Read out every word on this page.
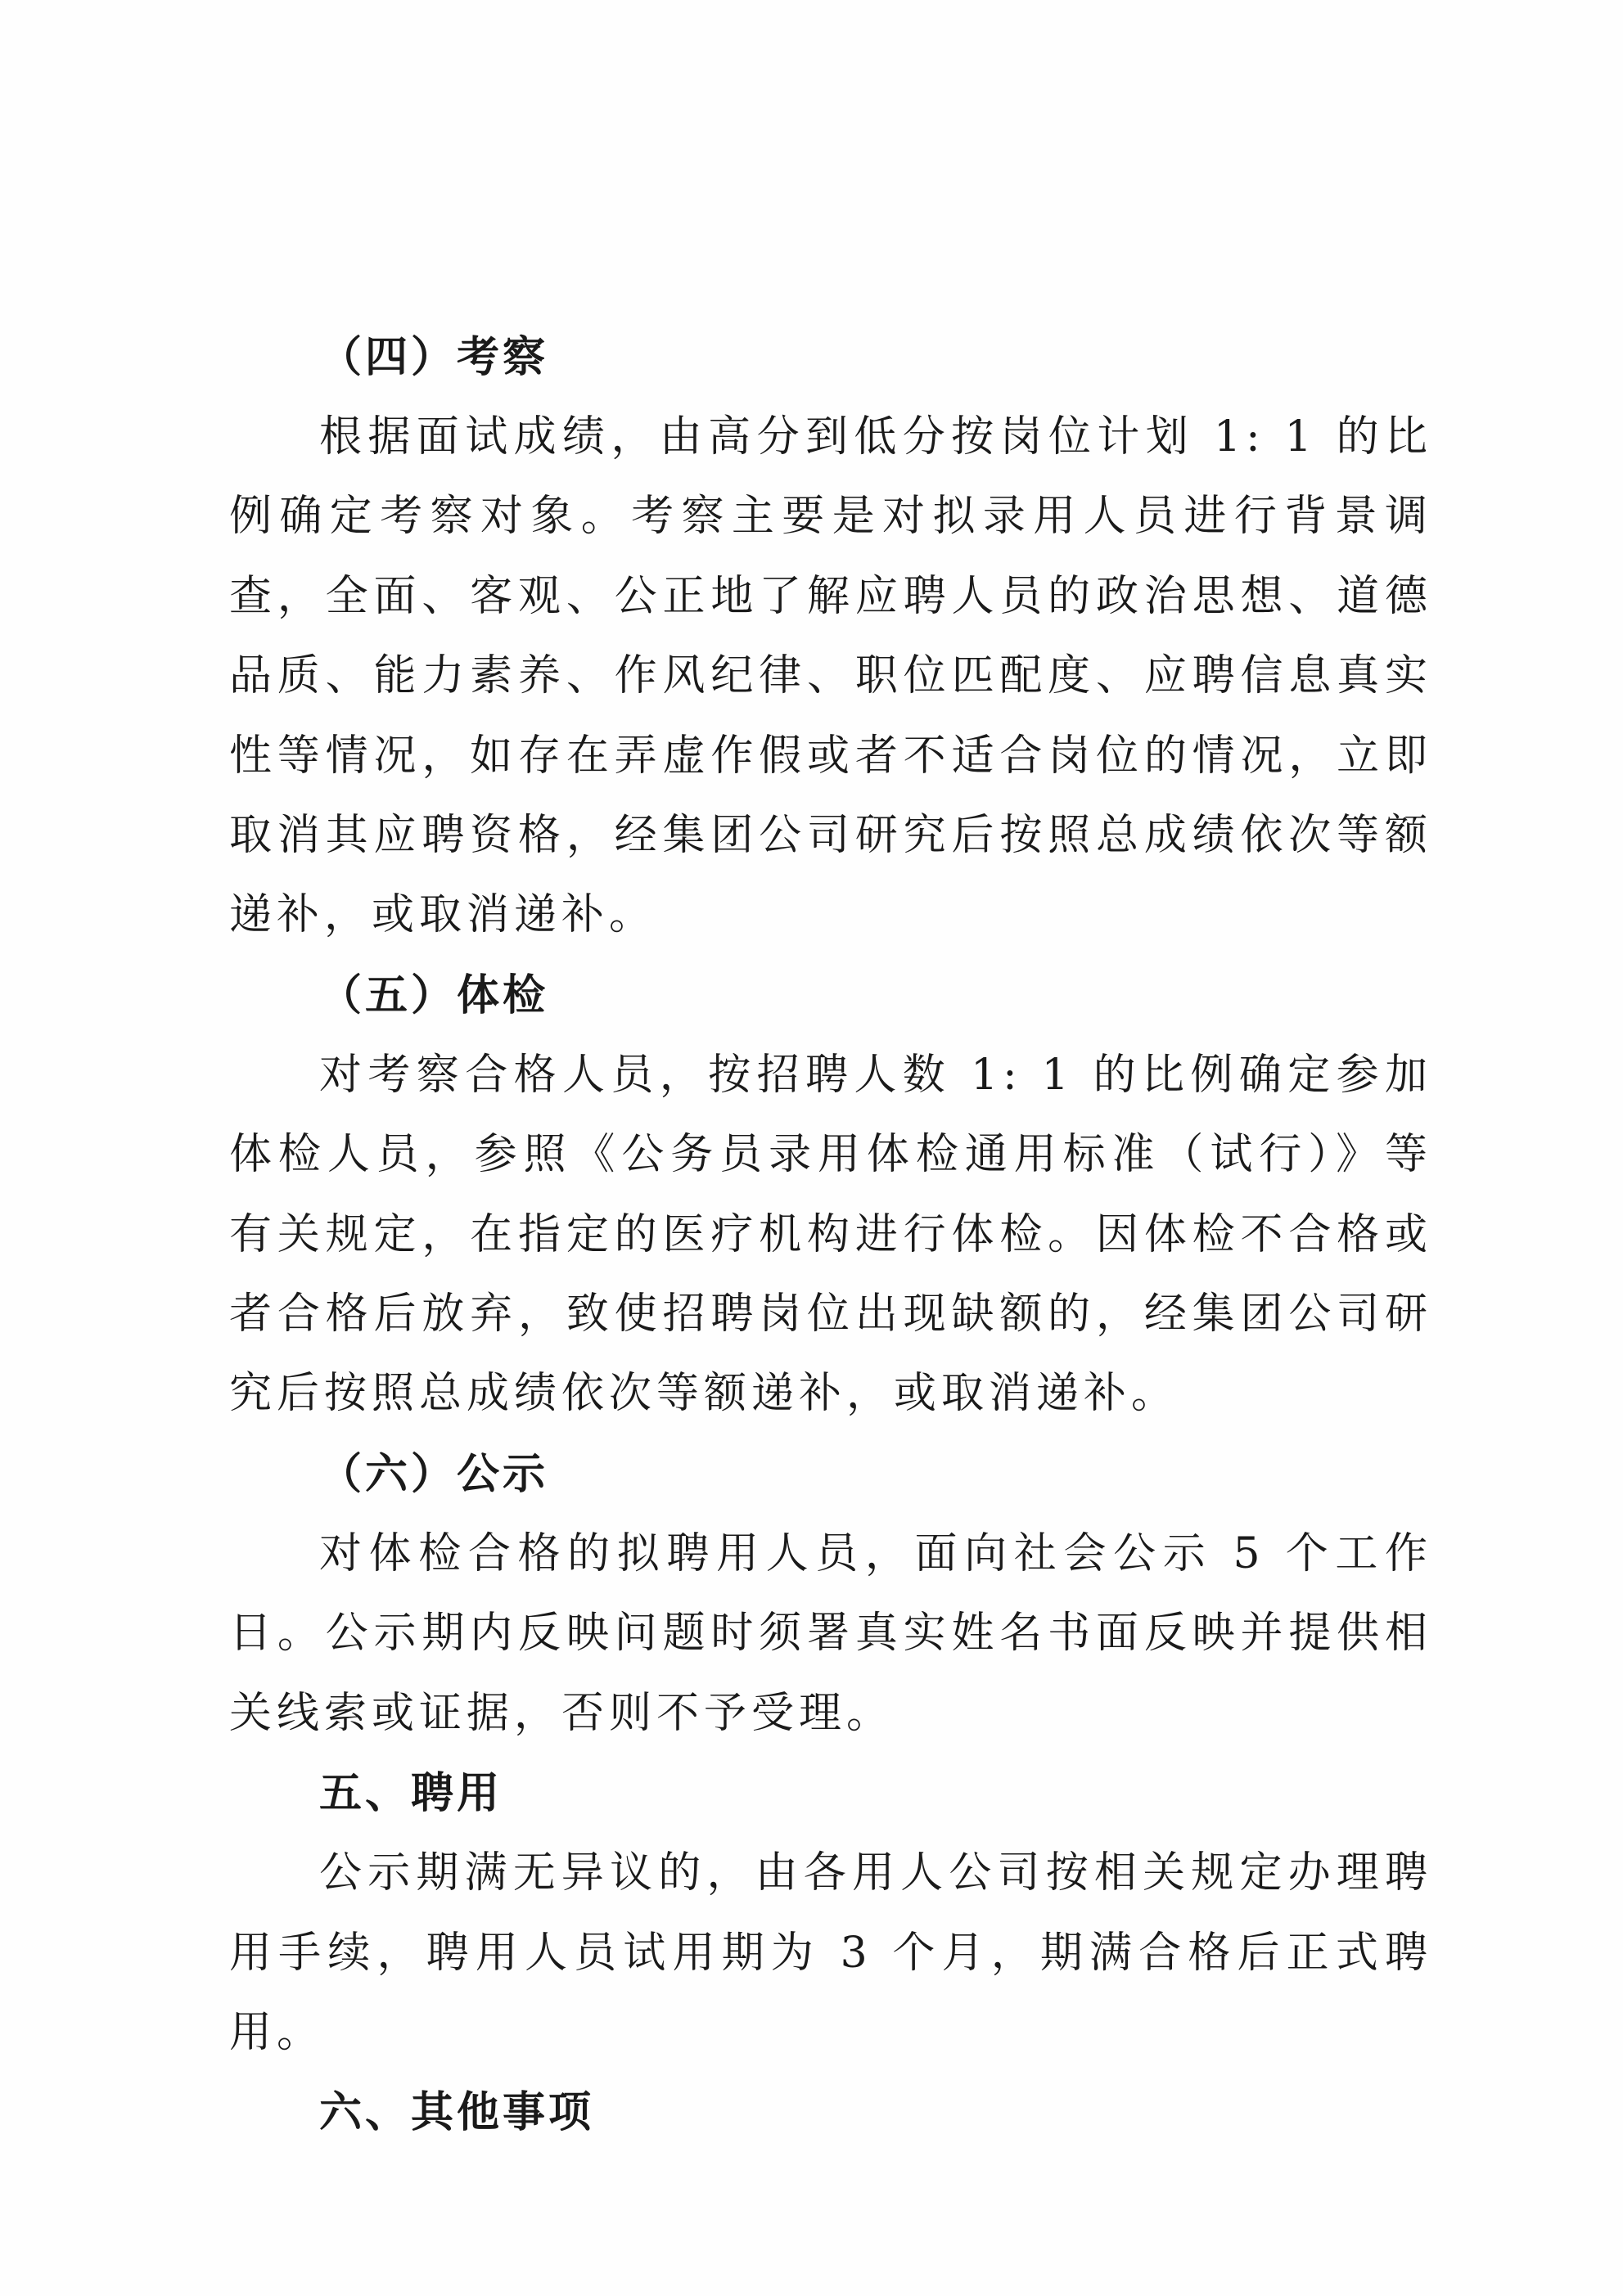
（四）考察

根据面试成绩，由高分到低分按岗位计划 1: 1 的比例确定考察对象。考察主要是对拟录用人员进行背景调查，全面、客观、公正地了解应聘人员的政治思想、道德品质、能力素养、作风纪律、职位匹配度、应聘信息真实性等情况，如存在弄虚作假或者不适合岗位的情况，立即取消其应聘资格，经集团公司研究后按照总成绩依次等额递补，或取消递补。

（五）体检

对考察合格人员，按招聘人数 1: 1 的比例确定参加体检人员，参照《公务员录用体检通用标准（试行）》等有关规定，在指定的医疗机构进行体检。因体检不合格或者合格后放弃，致使招聘岗位出现缺额的，经集团公司研究后按照总成绩依次等额递补，或取消递补。

（六）公示

对体检合格的拟聘用人员，面向社会公示 5 个工作日。公示期内反映问题时须署真实姓名书面反映并提供相关线索或证据，否则不予受理。

五、聘用

公示期满无异议的，由各用人公司按相关规定办理聘用手续，聘用人员试用期为 3 个月，期满合格后正式聘用。

六、其他事项
